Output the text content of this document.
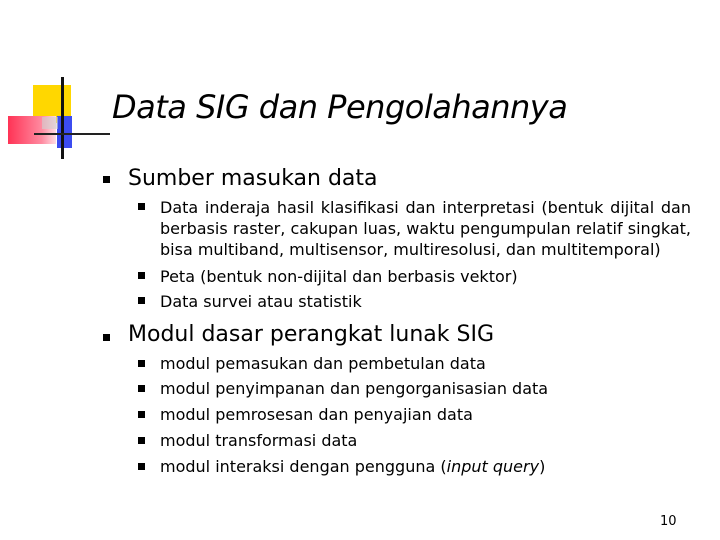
Data SIG dan Pengolahannya
Sumber masukan data
Data inderaja hasil klasifikasi dan interpretasi (bentuk dijital dan berbasis raster, cakupan luas, waktu pengumpulan relatif singkat, bisa multiband, multisensor, multiresolusi, dan multitemporal)
Peta (bentuk non-dijital dan berbasis vektor)
Data survei atau statistik
Modul dasar perangkat lunak SIG
modul pemasukan dan pembetulan data
modul penyimpanan dan pengorganisasian data
modul pemrosesan dan penyajian data
modul transformasi data
modul interaksi dengan pengguna (input query)
10
